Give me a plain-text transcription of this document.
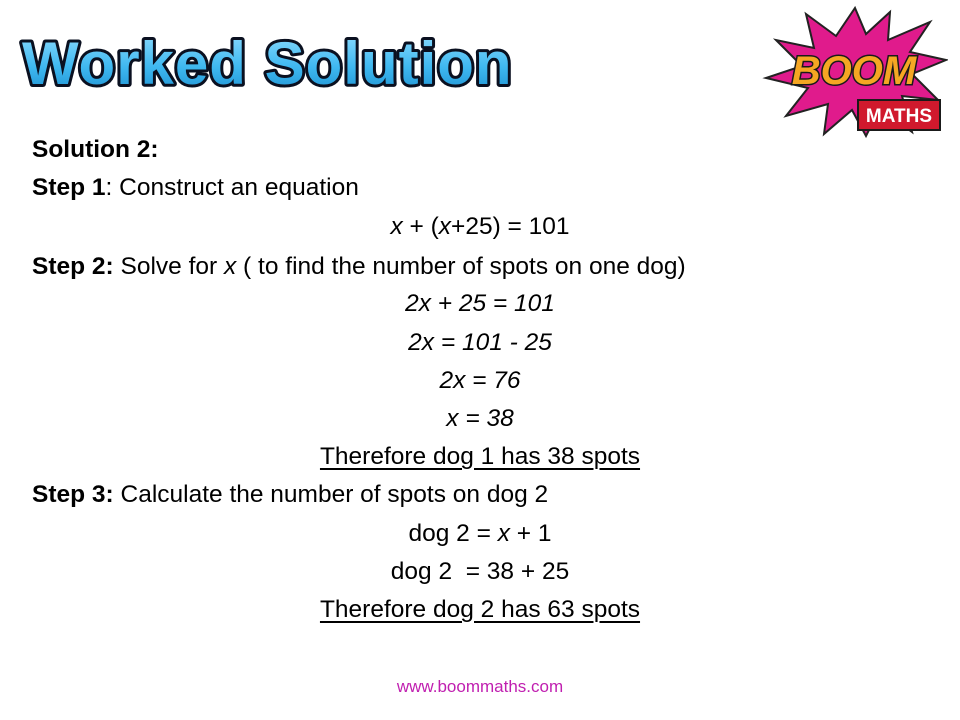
Worked Solution	BOOM
MATHS
Solution 2:
Step 1: Construct an equation
x + (x+25) = 101
Step 2: Solve for x ( to find the number of spots on one dog)
2x + 25 = 101
2x = 101 - 25
2x = 76
x = 38
Therefore dog 1 has 38 spots
Step 3: Calculate the number of spots on dog 2
dog 2 = x + 1
dog 2  = 38 + 25
Therefore dog 2 has 63 spots
www.boommaths.com
